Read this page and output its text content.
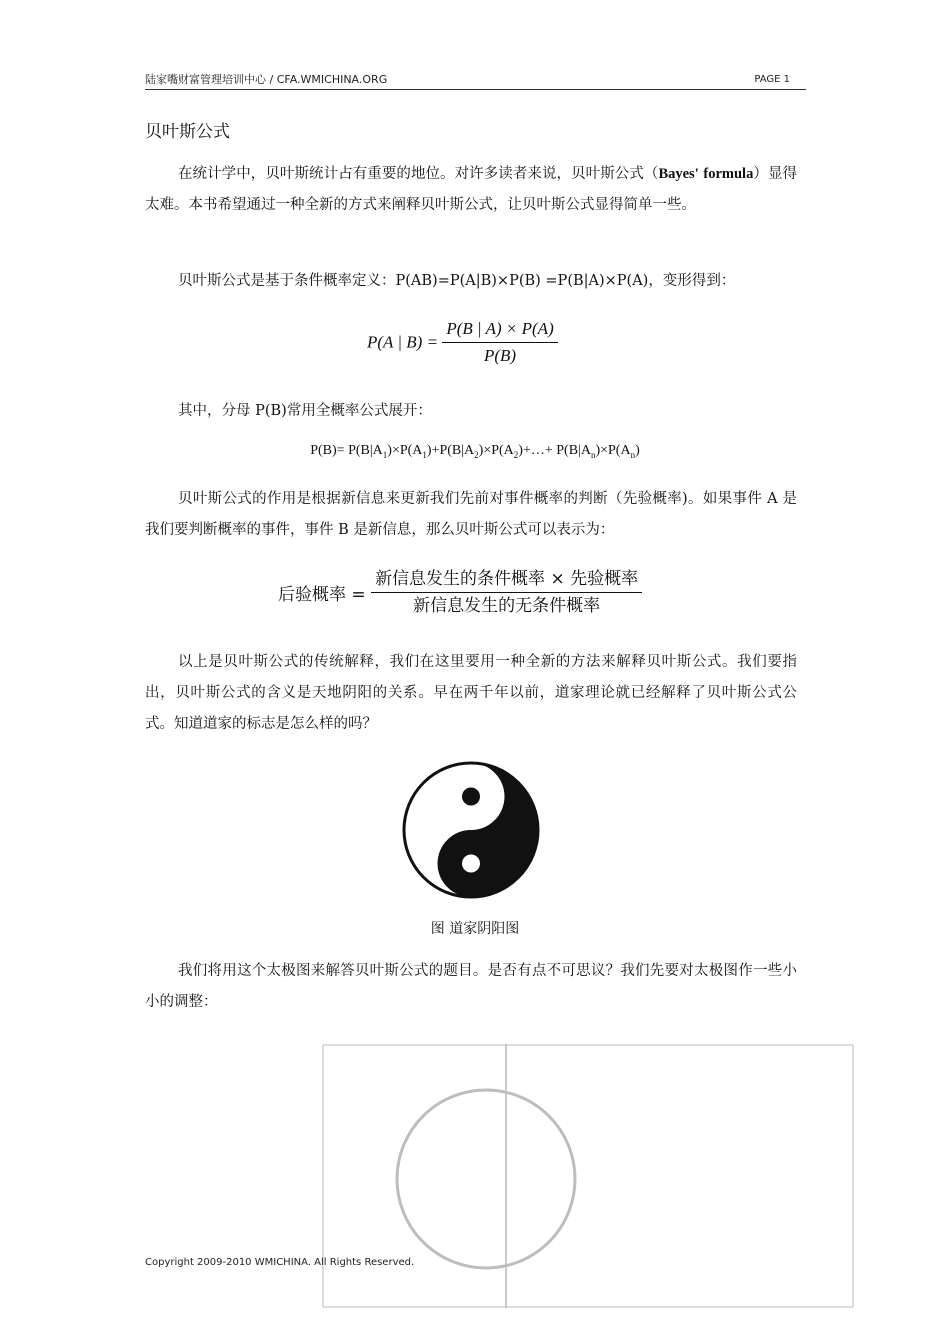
陆家嘴财富管理培训中心 / CFA.WMICHINA.ORG	PAGE 1
贝叶斯公式
在统计学中，贝叶斯统计占有重要的地位。对许多读者来说，贝叶斯公式（Bayes' formula）显得太难。本书希望通过一种全新的方式来阐释贝叶斯公式，让贝叶斯公式显得简单一些。
贝叶斯公式是基于条件概率定义：P(AB)=P(A|B)×P(B) =P(B|A)×P(A)，变形得到：
P(A | $B) = \frac{P(B | A) \times P(A)}{P(B)}$
其中，分母 P(B)常用全概率公式展开：
$P(B)= P(B|A_1)\times P(A_1)+P(B|A_2)\times P(A_2)+\dots+ P(B|A_n)\times P(A_n)$
贝叶斯公式的作用是根据新信息来更新我们先前对事件概率的判断（先验概率)。如果事件 A 是我们要判断概率的事件，事件 B 是新信息，那么贝叶斯公式可以表示为：
后验概率 = $\frac{\text{新信息发生的条件概率 × 先验概率}}{\text{新信息发生的无条件概率}}$
以上是贝叶斯公式的传统解释，我们在这里要用一种全新的方法来解释贝叶斯公式。我们要指出，贝叶斯公式的含义是天地阴阳的关系。早在两千年以前，道家理论就已经解释了贝叶斯公式公式。知道道家的标志是怎么样的吗？
图 道家阴阳图
我们将用这个太极图来解答贝叶斯公式的题目。是否有点不可思议？我们先要对太极图作一些小小的调整：
Copyright 2009-2010 WMICHINA. All Rights Reserved.
